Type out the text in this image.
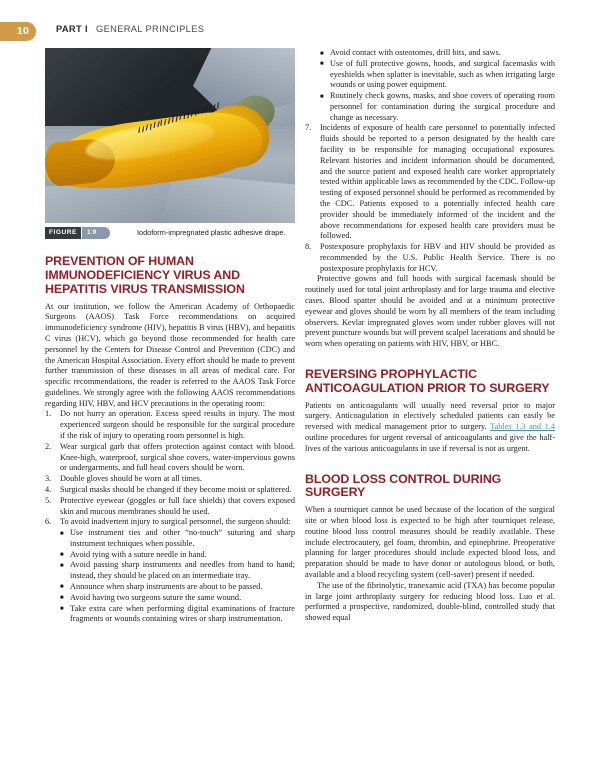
10	PART I GENERAL PRINCIPLES
FIGURE	1.9	Iodoform-impregnated plastic adhesive drape.
PREVENTION OF HUMAN IMMUNODEFICIENCY VIRUS AND HEPATITIS VIRUS TRANSMISSION

At our institution, we follow the American Academy of Orthopaedic Surgeons (AAOS) Task Force recommendations on acquired immunodeficiency syndrome (HIV), hepatitis B virus (HBV), and hepatitis C virus (HCV), which go beyond those recommended for health care personnel by the Centers for Disease Control and Prevention (CDC) and the American Hospital Association. Every effort should be made to prevent further transmission of these diseases in all areas of medical care. For specific recommendations, the reader is referred to the AAOS Task Force guidelines. We strongly agree with the following AAOS recommendations regarding HIV, HBV, and HCV precautions in the operating room:

1.	Do not hurry an operation. Excess speed results in injury. The most experienced surgeon should be responsible for the surgical procedure if the risk of injury to operating room personnel is high.
2.	Wear surgical garb that offers protection against contact with blood. Knee-high, waterproof, surgical shoe covers, water-impervious gowns or undergarments, and full head covers should be worn.
3.	Double gloves should be worn at all times.
4.	Surgical masks should be changed if they become moist or splattered.
5.	Protective eyewear (goggles or full face shields) that covers exposed skin and mucous membranes should be used.
6.	To avoid inadvertent injury to surgical personnel, the surgeon should:
■ Use instrument ties and other “no-touch” suturing and sharp instrument techniques when possible.
■ Avoid tying with a suture needle in hand.
■ Avoid passing sharp instruments and needles from hand to hand; instead, they should be placed on an intermediate tray.
■ Announce when sharp instruments are about to be passed.
■ Avoid having two surgeons suture the same wound.
■ Take extra care when performing digital examinations of fracture fragments or wounds containing wires or sharp instrumentation.
■ Avoid contact with osteotomes, drill bits, and saws.
■ Use of full protective gowns, hoods, and surgical facemasks with eyeshields when splatter is inevitable, such as when irrigating large wounds or using power equipment.
■ Routinely check gowns, masks, and shoe covers of operating room personnel for contamination during the surgical procedure and change as necessary.
7.	Incidents of exposure of health care personnel to potentially infected fluids should be reported to a person designated by the health care facility to be responsible for managing occupational exposures. Relevant histories and incident information should be documented, and the source patient and exposed health care worker appropriately tested within applicable laws as recommended by the CDC. Follow-up testing of exposed personnel should be performed as recommended by the CDC. Patients exposed to a potentially infected health care provider should be immediately informed of the incident and the above recommendations for exposed health care providers must be followed.
8.	Postexposure prophylaxis for HBV and HIV should be provided as recommended by the U.S. Public Health Service. There is no postexposure prophylaxis for HCV.

Protective gowns and full hoods with surgical facemask should be routinely used for total joint arthroplasty and for large trauma and elective cases. Blood spatter should be avoided and at a minimum protective eyewear and gloves should be worn by all members of the team including observers. Kevlar impregnated gloves worn under rubber gloves will not prevent puncture wounds but will prevent scalpel lacerations and should be worn when operating on patients with HIV, HBV, or HBC.

REVERSING PROPHYLACTIC ANTICOAGULATION PRIOR TO SURGERY

Patients on anticoagulants will usually need reversal prior to major surgery. Anticoagulation in electively scheduled patients can easily be reversed with medical management prior to surgery. Tables 1.3 and 1.4 outline procedures for urgent reversal of anticoagulants and give the half-lives of the various anticoagulants in use if reversal is not as urgent.

BLOOD LOSS CONTROL DURING SURGERY

When a tourniquet cannot be used because of the location of the surgical site or when blood loss is expected to be high after tourniquet release, routine blood loss control measures should be readily available. These include electrocautery, gel foam, thrombin, and epinephrine. Preoperative planning for larger procedures should include expected blood loss, and preparation should be made to have donor or autologous blood, or both, available and a blood recycling system (cell-saver) present if needed.

The use of the fibrinolytic, tranexamic acid (TXA) has become popular in large joint arthroplasty surgery for reducing blood loss. Luo et al. performed a prospective, randomized, double-blind, controlled study that showed equal
